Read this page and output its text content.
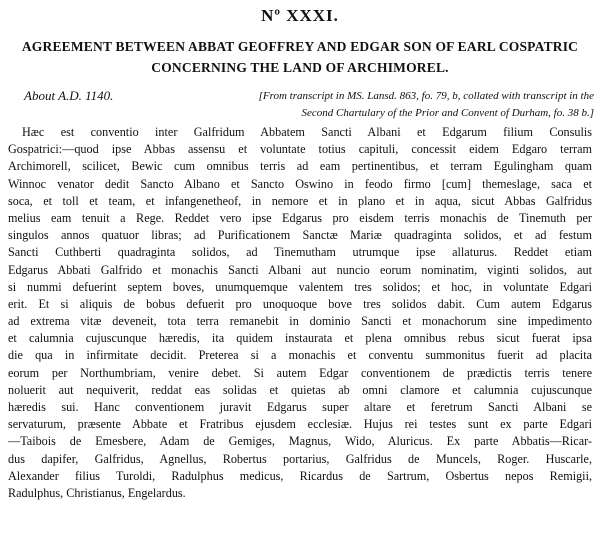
Nº XXXI.
AGREEMENT BETWEEN ABBAT GEOFFREY AND EDGAR SON OF EARL COSPATRIC
CONCERNING THE LAND OF ARCHIMOREL.
About A.D. 1140.	[From transcript in MS. Lansd. 863, fo. 79, b, collated with transcript in the
Second Chartulary of the Prior and Convent of Durham, fo. 38 b.]
Hæc est conventio inter Galfridum Abbatem Sancti Albani et Edgarum filium Consulis
Gospatrici:—quod ipse Abbas assensu et voluntate totius capituli, concessit eidem Edgaro terram
Archimorell, scilicet, Bewic cum omnibus terris ad eam pertinentibus, et terram Egulingham quam
Winnoc venator dedit Sancto Albano et Sancto Oswino in feodo firmo [cum] themeslage, saca et
soca, et toll et team, et infangenetheof, in nemore et in plano et in aqua, sicut Abbas Galfridus
melius eam tenuit a Rege. Reddet vero ipse Edgarus pro eisdem terris monachis de Tinemuth per
singulos annos quatuor libras; ad Purificationem Sanctæ Mariæ quadraginta solidos, et ad festum
Sancti Cuthberti quadraginta solidos, ad Tinemutham utrumque ipse allaturus. Reddet etiam
Edgarus Abbati Galfrido et monachis Sancti Albani aut nuncio eorum nominatim, viginti solidos, aut
si nummi defuerint septem boves, unumquemque valentem tres solidos; et hoc, in voluntate Edgari
erit. Et si aliquis de bobus defuerit pro unoquoque bove tres solidos dabit. Cum autem Edgarus
ad extrema vitæ deveneit, tota terra remanebit in dominio Sancti et monachorum sine impedimento
et calumnia cujuscunque hæredis, ita quidem instaurata et plena omnibus rebus sicut fuerat ipsa
die qua in infirmitate decidit. Preterea si a monachis et conventu summonitus fuerit ad placita
eorum per Northumbriam, venire debet. Si autem Edgar conventionem de prædictis terris tenere
noluerit aut nequiverit, reddat eas solidas et quietas ab omni clamore et calumnia cujuscunque
hæredis sui. Hanc conventionem juravit Edgarus super altare et feretrum Sancti Albani se
servaturum, præsente Abbate et Fratribus ejusdem ecclesiæ. Hujus rei testes sunt ex parte Edgari
—Taibois de Emesbere, Adam de Gemiges, Magnus, Wido, Aluricus. Ex parte Abbatis—Ricar-
dus dapifer, Galfridus, Agnellus, Robertus portarius, Galfridus de Muncels, Roger. Huscarle,
Alexander filius Turoldi, Radulphus medicus, Ricardus de Sartrum, Osbertus nepos Remigii,
Radulphus, Christianus, Engelardus.
